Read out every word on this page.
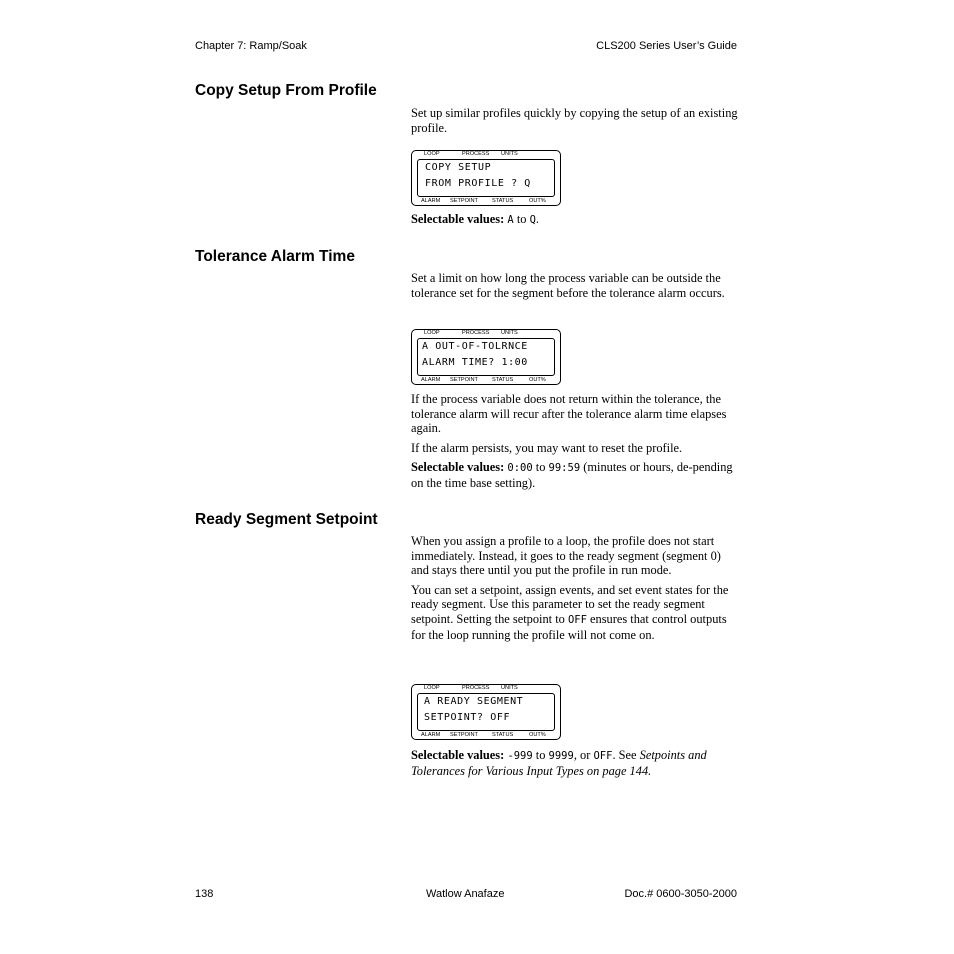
Chapter 7: Ramp/Soak	CLS200 Series User’s Guide
Copy Setup From Profile

Set up similar profiles quickly by copying the setup of an existing profile.

LOOP	PROCESS UNITS
COPY SETUP
FROM PROFILE ? Q
ALARM SETPOINT	STATUS	OUT%

Selectable values: A to Q.

Tolerance Alarm Time

Set a limit on how long the process variable can be outside the tolerance set for the segment before the tolerance alarm occurs.

LOOP	PROCESS UNITS
A OUT-OF-TOLRNCE
ALARM TIME? 1:00
ALARM SETPOINT	STATUS	OUT%

If the process variable does not return within the tolerance, the tolerance alarm will recur after the tolerance alarm time elapses again.

If the alarm persists, you may want to reset the profile.

Selectable values: 0:00 to 99:59 (minutes or hours, de-pending on the time base setting).

Ready Segment Setpoint

When you assign a profile to a loop, the profile does not start immediately. Instead, it goes to the ready segment (segment 0) and stays there until you put the profile in run mode.

You can set a setpoint, assign events, and set event states for the ready segment. Use this parameter to set the ready segment setpoint. Setting the setpoint to OFF ensures that control outputs for the loop running the profile will not come on.

LOOP	PROCESS UNITS
A READY SEGMENT
SETPOINT? OFF
ALARM SETPOINT	STATUS	OUT%

Selectable values: -999 to 9999, or OFF. See Setpoints and Tolerances for Various Input Types on page 144.

138	Watlow Anafaze	Doc.# 0600-3050-2000
